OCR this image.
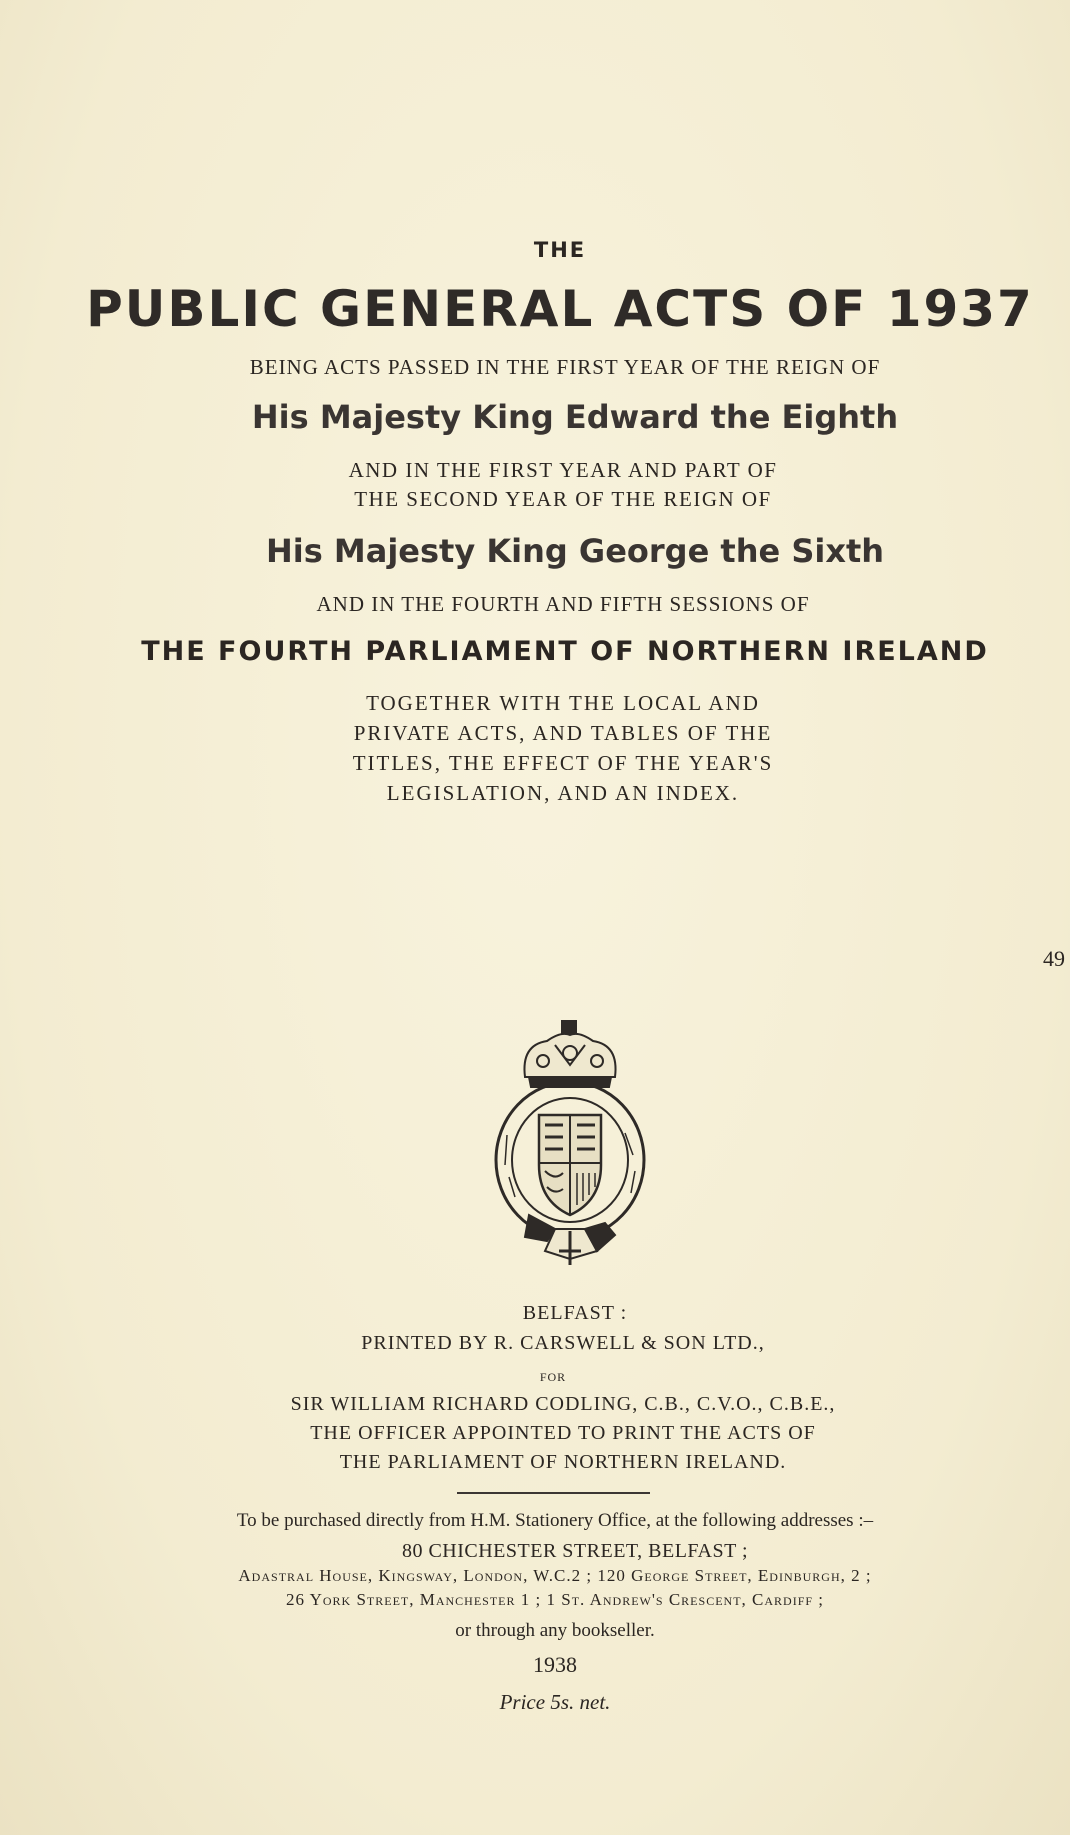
THE
PUBLIC GENERAL ACTS OF 1937
BEING ACTS PASSED IN THE FIRST YEAR OF THE REIGN OF
His Majesty King Edward the Eighth
AND IN THE FIRST YEAR AND PART OF
THE SECOND YEAR OF THE REIGN OF
His Majesty King George the Sixth
AND IN THE FOURTH AND FIFTH SESSIONS OF
THE FOURTH PARLIAMENT OF NORTHERN IRELAND
TOGETHER WITH THE LOCAL AND
PRIVATE ACTS, AND TABLES OF THE
TITLES, THE EFFECT OF THE YEAR'S
LEGISLATION, AND AN INDEX.
49
BELFAST :
PRINTED BY R. CARSWELL & SON LTD.,
FOR
SIR WILLIAM RICHARD CODLING, C.B., C.V.O., C.B.E.,
THE OFFICER APPOINTED TO PRINT THE ACTS OF
THE PARLIAMENT OF NORTHERN IRELAND.
To be purchased directly from H.M. Stationery Office, at the following addresses :–
80 CHICHESTER STREET, BELFAST ;
Adastral House, Kingsway, London, W.C.2 ; 120 George Street, Edinburgh, 2 ;
26 York Street, Manchester 1 ; 1 St. Andrew's Crescent, Cardiff ;
or through any bookseller.
1938
Price 5s. net.
